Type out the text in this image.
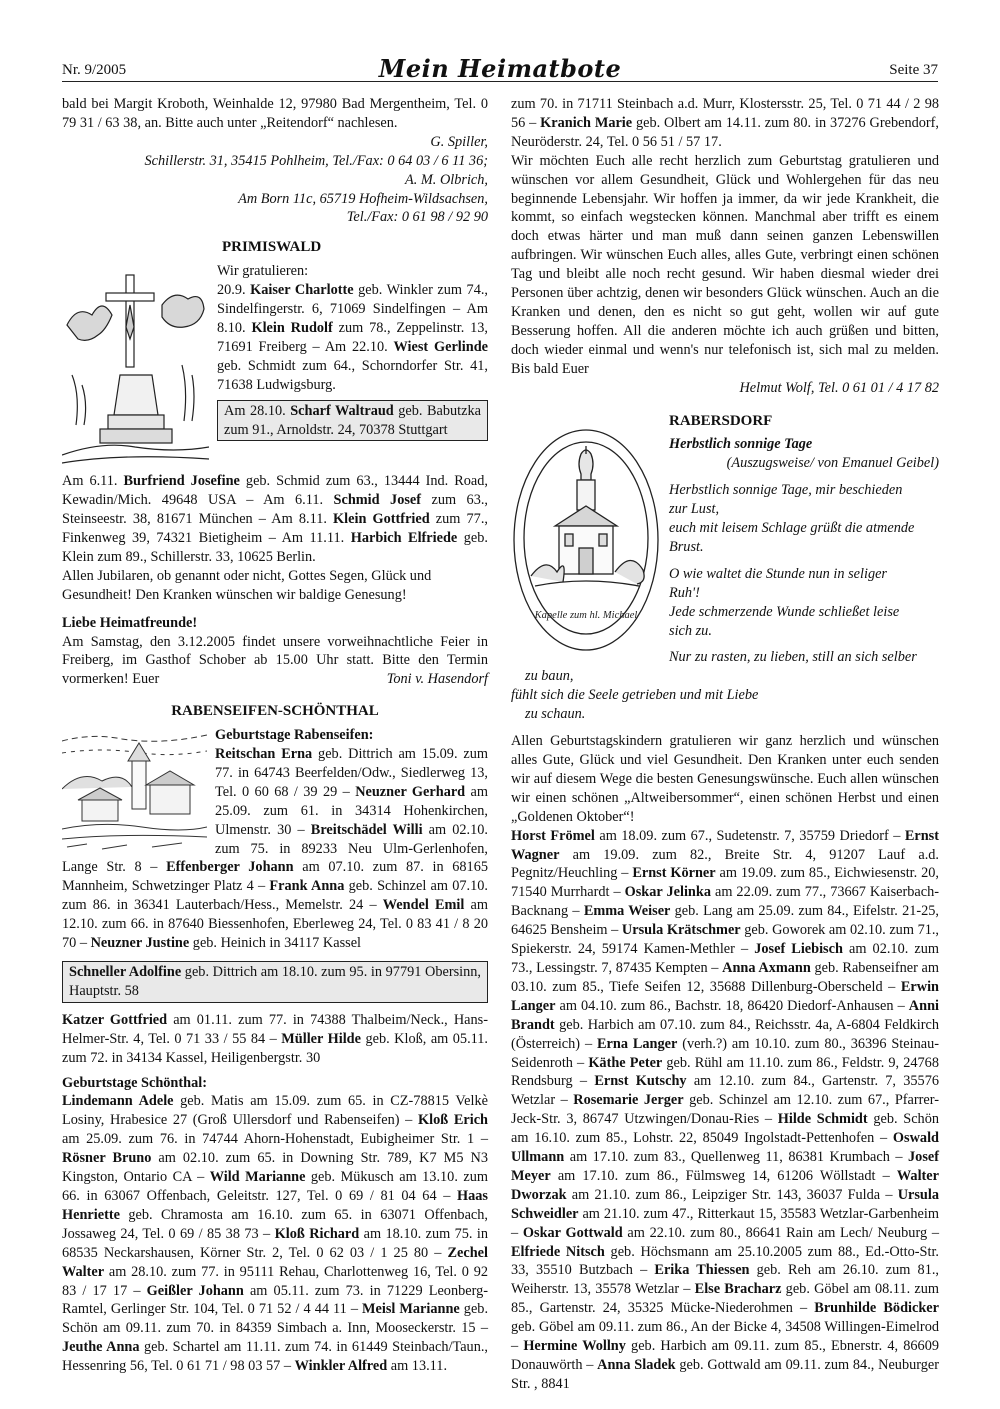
Nr. 9/2005	Mein Heimatbote	Seite 37

bald bei Margit Kroboth, Weinhalde 12, 97980 Bad Mergentheim, Tel. 0 79 31 / 63 38, an. Bitte auch unter „Reitendorf“ nachlesen.

G. Spiller,

Schillerstr. 31, 35415 Pohlheim, Tel./Fax: 0 64 03 / 6 11 36;

A. M. Olbrich,

Am Born 11c, 65719 Hofheim-Wildsachsen,

Tel./Fax: 0 61 98 / 92 90

PRIMISWALD

Wir gratulieren:

20.9. Kaiser Charlotte geb. Winkler zum 74., Sindelfingerstr. 6, 71069 Sindelfingen – Am 8.10. Klein Rudolf zum 78., Zeppelinstr. 13, 71691 Freiberg – Am 22.10. Wiest Gerlinde geb. Schmidt zum 64., Schorndorfer Str. 41, 71638 Ludwigsburg.

Am 28.10. Scharf Waltraud geb. Babutzka zum 91., Arnoldstr. 24, 70378 Stuttgart

Am 6.11. Burfriend Josefine geb. Schmid zum 63., 13444 Ind. Road, Kewadin/Mich. 49648 USA – Am 6.11. Schmid Josef zum 63., Steinseestr. 38, 81671 München – Am 8.11. Klein Gottfried zum 77., Finkenweg 39, 74321 Bietigheim – Am 11.11. Harbich Elfriede geb. Klein zum 89., Schillerstr. 33, 10625 Berlin.

Allen Jubilaren, ob genannt oder nicht, Gottes Segen, Glück und Gesundheit! Den Kranken wünschen wir baldige Genesung!

Liebe Heimatfreunde!

Am Samstag, den 3.12.2005 findet unsere vorweihnachtliche Feier in Freiberg, im Gasthof Schober ab 15.00 Uhr statt. Bitte den Termin vormerken! Euer	Toni v. Hasendorf

RABENSEIFEN-SCHÖNTHAL
Geburtstage Rabenseifen:

Reitschan Erna geb. Dittrich am 15.09. zum 77. in 64743 Beerfelden/Odw., Siedlerweg 13, Tel. 0 60 68 / 39 29 – Neuzner Gerhard am 25.09. zum 61. in 34314 Hohenkirchen, Ulmenstr. 30 – Breitschädel Willi am 02.10. zum 75. in 89233 Neu Ulm-Gerlenhofen, Lange Str. 8 – Effenberger Johann am 07.10. zum 87. in 68165 Mannheim, Schwetzinger Platz 4 – Frank Anna geb. Schinzel am 07.10. zum 86. in 36341 Lauterbach/Hess., Memelstr. 24 – Wendel Emil am 12.10. zum 66. in 87640 Biessenhofen, Eberleweg 24, Tel. 0 83 41 / 8 20 70 – Neuzner Justine geb. Heinich in 34117 Kassel

Schneller Adolfine geb. Dittrich am 18.10. zum 95. in 97791 Obersinn, Hauptstr. 58

Katzer Gottfried am 01.11. zum 77. in 74388 Thalbeim/Neck., Hans-Helmer-Str. 4, Tel. 0 71 33 / 55 84 – Müller Hilde geb. Kloß, am 05.11. zum 72. in 34134 Kassel, Heiligenbergstr. 30

Geburtstage Schönthal:

Lindemann Adele geb. Matis am 15.09. zum 65. in CZ-78815 Velkè Losiny, Hrabesice 27 (Groß Ullersdorf und Rabenseifen) – Kloß Erich am 25.09. zum 76. in 74744 Ahorn-Hohenstadt, Eubigheimer Str. 1 – Rösner Bruno am 02.10. zum 65. in Downing Str. 789, K7 M5 N3 Kingston, Ontario CA – Wild Marianne geb. Mükusch am 13.10. zum 66. in 63067 Offenbach, Geleitstr. 127, Tel. 0 69 / 81 04 64 – Haas Henriette geb. Chramosta am 16.10. zum 65. in 63071 Offenbach, Jossaweg 24, Tel. 0 69 / 85 38 73 – Kloß Richard am 18.10. zum 75. in 68535 Neckarshausen, Körner Str. 2, Tel. 0 62 03 / 1 25 80 – Zechel Walter am 28.10. zum 77. in 95111 Rehau, Charlottenweg 16, Tel. 0 92 83 / 17 17 – Geißler Johann am 05.11. zum 73. in 71229 Leonberg-Ramtel, Gerlinger Str. 104, Tel. 0 71 52 / 4 44 11 – Meisl Marianne geb. Schön am 09.11. zum 70. in 84359 Simbach a. Inn, Mooseckerstr. 15 – Jeuthe Anna geb. Schartel am 11.11. zum 74. in 61449 Steinbach/Taun., Hessenring 56, Tel. 0 61 71 / 98 03 57 – Winkler Alfred am 13.11.

zum 70. in 71711 Steinbach a.d. Murr, Klostersstr. 25, Tel. 0 71 44 / 2 98 56 – Kranich Marie geb. Olbert am 14.11. zum 80. in 37276 Grebendorf, Neuröderstr. 24, Tel. 0 56 51 / 57 17.

Wir möchten Euch alle recht herzlich zum Geburtstag gratulieren und wünschen vor allem Gesundheit, Glück und Wohlergehen für das neu beginnende Lebensjahr. Wir hoffen ja immer, da wir jede Krankheit, die kommt, so einfach wegstecken können. Manchmal aber trifft es einem doch etwas härter und man muß dann seinen ganzen Lebenswillen aufbringen. Wir wünschen Euch alles, alles Gute, verbringt einen schönen Tag und bleibt alle noch recht gesund. Wir haben diesmal wieder drei Personen über achtzig, denen wir besonders Glück wünschen. Auch an die Kranken und denen, den es nicht so gut geht, wollen wir auf gute Besserung hoffen. All die anderen möchte ich auch grüßen und bitten, doch wieder einmal und wenn's nur telefonisch ist, sich mal zu melden. Bis bald Euer

Helmut Wolf, Tel. 0 61 01 / 4 17 82

Kapelle zum hl. Michael
RABERSDORF

Herbstlich sonnige Tage

(Auszugsweise/ von Emanuel Geibel)

Herbstlich sonnige Tage, mir beschieden

zur Lust,

euch mit leisem Schlage grüßt die atmende

Brust.

O wie waltet die Stunde nun in seliger

Ruh'!

Jede schmerzende Wunde schließet leise

sich zu.

Nur zu rasten, zu lieben, still an sich selber

zu baun,

fühlt sich die Seele getrieben und mit Liebe

zu schaun.

Allen Geburtstagskindern gratulieren wir ganz herzlich und wünschen alles Gute, Glück und viel Gesundheit. Den Kranken unter euch senden wir auf diesem Wege die besten Genesungswünsche. Euch allen wünschen wir einen schönen „Altweibersommer“, einen schönen Herbst und einen „Goldenen Oktober“!

Horst Frömel am 18.09. zum 67., Sudetenstr. 7, 35759 Driedorf – Ernst Wagner am 19.09. zum 82., Breite Str. 4, 91207 Lauf a.d. Pegnitz/Heuchling – Ernst Körner am 19.09. zum 85., Eichwiesenstr. 20, 71540 Murrhardt – Oskar Jelinka am 22.09. zum 77., 73667 Kaiserbach-Backnang – Emma Weiser geb. Lang am 25.09. zum 84., Eifelstr. 21-25, 64625 Bensheim – Ursula Krätschmer geb. Goworek am 02.10. zum 71., Spiekerstr. 24, 59174 Kamen-Methler – Josef Liebisch am 02.10. zum 73., Lessingstr. 7, 87435 Kempten – Anna Axmann geb. Rabenseifner am 03.10. zum 85., Tiefe Seifen 12, 35688 Dillenburg-Oberscheld – Erwin Langer am 04.10. zum 86., Bachstr. 18, 86420 Diedorf-Anhausen – Anni Brandt geb. Harbich am 07.10. zum 84., Reichsstr. 4a, A-6804 Feldkirch (Österreich) – Erna Langer (verh.?) am 10.10. zum 80., 36396 Steinau-Seidenroth – Käthe Peter geb. Rühl am 11.10. zum 86., Feldstr. 9, 24768 Rendsburg – Ernst Kutschy am 12.10. zum 84., Gartenstr. 7, 35576 Wetzlar – Rosemarie Jerger geb. Schinzel am 12.10. zum 67., Pfarrer-Jeck-Str. 3, 86747 Utzwingen/Donau-Ries – Hilde Schmidt geb. Schön am 16.10. zum 85., Lohstr. 22, 85049 Ingolstadt-Pettenhofen – Oswald Ullmann am 17.10. zum 83., Quellenweg 11, 86381 Krumbach – Josef Meyer am 17.10. zum 86., Fülmsweg 14, 61206 Wöllstadt – Walter Dworzak am 21.10. zum 86., Leipziger Str. 143, 36037 Fulda – Ursula Schweidler am 21.10. zum 47., Ritterkaut 15, 35583 Wetzlar-Garbenheim – Oskar Gottwald am 22.10. zum 80., 86641 Rain am Lech/ Neuburg – Elfriede Nitsch geb. Höchsmann am 25.10.2005 zum 88., Ed.-Otto-Str. 33, 35510 Butzbach – Erika Thiessen geb. Reh am 26.10. zum 81., Weiherstr. 13, 35578 Wetzlar – Else Bracharz geb. Göbel am 08.11. zum 85., Gartenstr. 24, 35325 Mücke-Niederohmen – Brunhilde Bödicker geb. Göbel am 09.11. zum 86., An der Bicke 4, 34508 Willingen-Eimelrod – Hermine Wollny geb. Harbich am 09.11. zum 85., Ebnerstr. 4, 86609 Donauwörth – Anna Sladek geb. Gottwald am 09.11. zum 84., Neuburger Str. , 8841
